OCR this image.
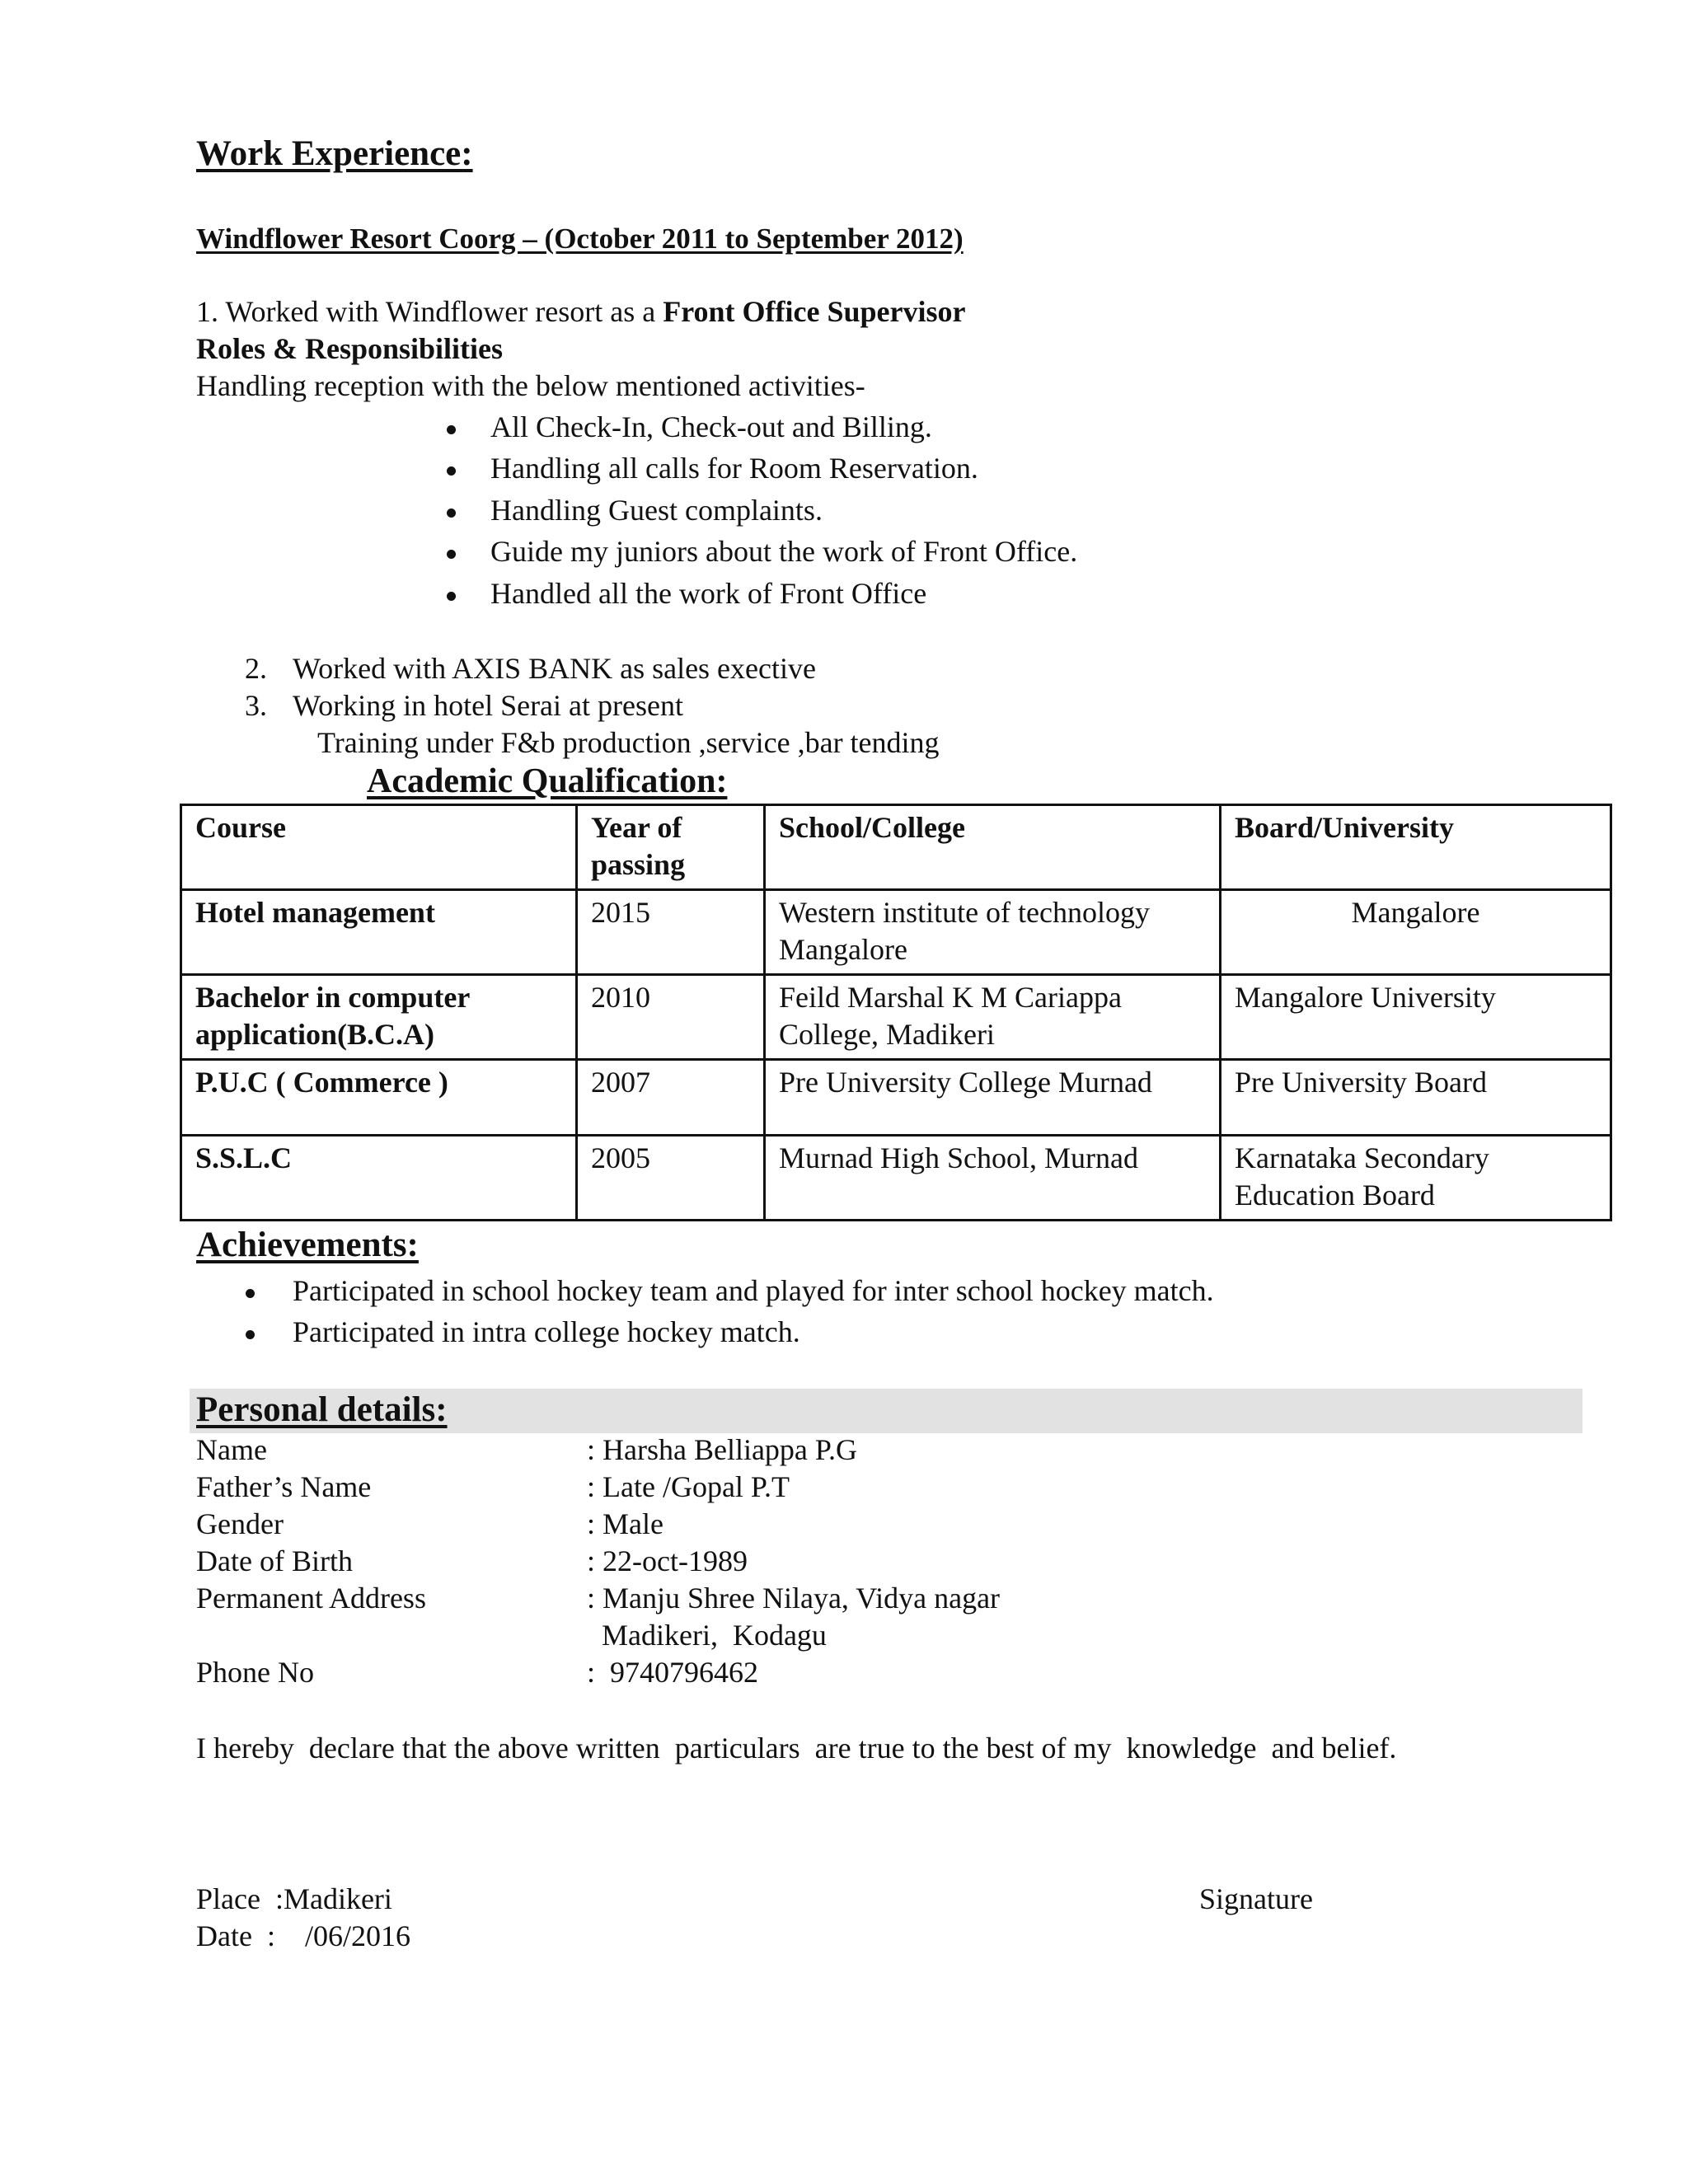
Work Experience:
Windflower Resort Coorg – (October 2011 to September 2012)
1. Worked with Windflower resort as a Front Office Supervisor
Roles & Responsibilities
Handling reception with the below mentioned activities-
All Check-In, Check-out and Billing.
Handling all calls for Room Reservation.
Handling Guest complaints.
Guide my juniors about the work of Front Office.
Handled all the work of Front Office
2. Worked with AXIS BANK as sales exective
3. Working in hotel Serai at present
Training under F&b production ,service ,bar tending
Academic Qualification:
Course	Year of passing	School/College	Board/University
Hotel management	2015	Western institute of technology Mangalore	Mangalore
Bachelor in computer application(B.C.A)	2010	Feild Marshal K M Cariappa College, Madikeri	Mangalore University
P.U.C ( Commerce )	2007	Pre University College Murnad	Pre University Board
S.S.L.C	2005	Murnad High School, Murnad	Karnataka Secondary Education Board
Achievements:
Participated in school hockey team and played for inter school hockey match.
Participated in intra college hockey match.
Personal details:
Name	: Harsha Belliappa P.G
Father’s Name	: Late /Gopal P.T
Gender	: Male
Date of Birth	: 22-oct-1989
Permanent Address	: Manju Shree Nilaya, Vidya nagar
Madikeri,  Kodagu
Phone No	:  9740796462
I hereby  declare that the above written  particulars  are true to the best of my  knowledge  and belief.
Place  :Madikeri
Date  :    /06/2016
Signature
